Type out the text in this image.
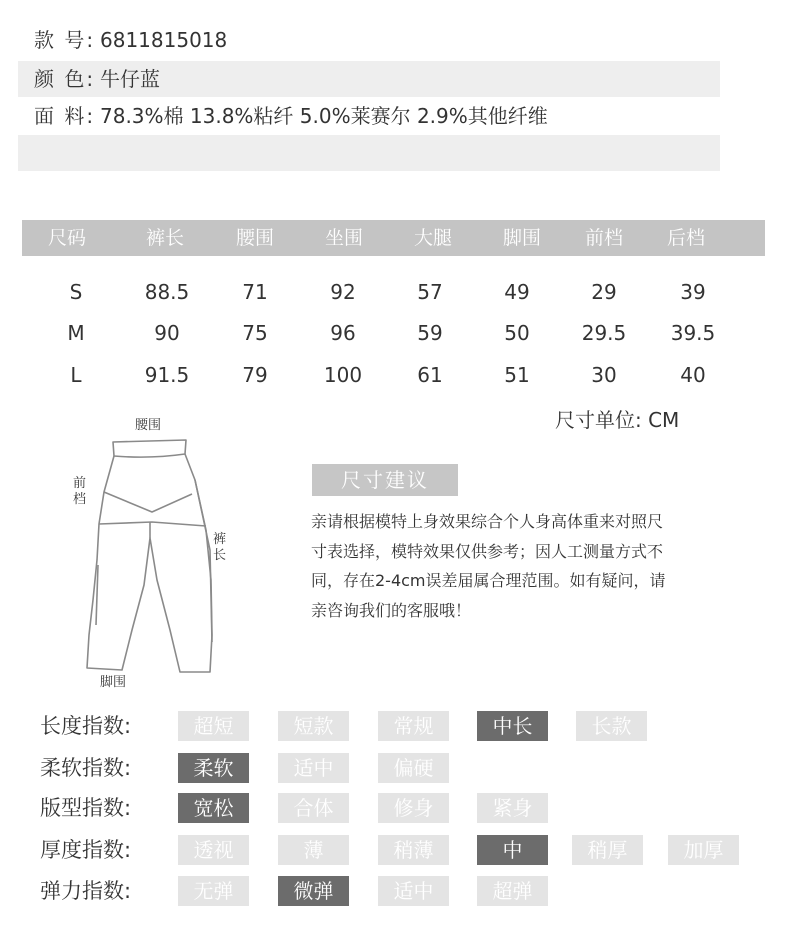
款 号: 6811815018
颜 色: 牛仔蓝
面 料: 78.3%棉 13.8%粘纤 5.0%莱赛尔 2.9%其他纤维
尺码	裤长	腰围	坐围	大腿	脚围	前档	后档
S	88.5	71	92	57	49	29	39
M	90	75	96	59	50	29.5	39.5
L	91.5	79	100	61	51	30	40
尺寸单位: CM
腰围
前
档
裤
长
脚围
尺寸建议
亲请根据模特上身效果综合个人身高体重来对照尺
寸表选择，模特效果仅供参考；因人工测量方式不
同，存在2-4cm误差届属合理范围。如有疑问，请
亲咨询我们的客服哦！
长度指数:	超短	短款	常规	中长	长款
柔软指数:	柔软	适中	偏硬
版型指数:	宽松	合体	修身	紧身
厚度指数:	透视	薄	稍薄	中	稍厚	加厚
弹力指数:	无弹	微弹	适中	超弹
